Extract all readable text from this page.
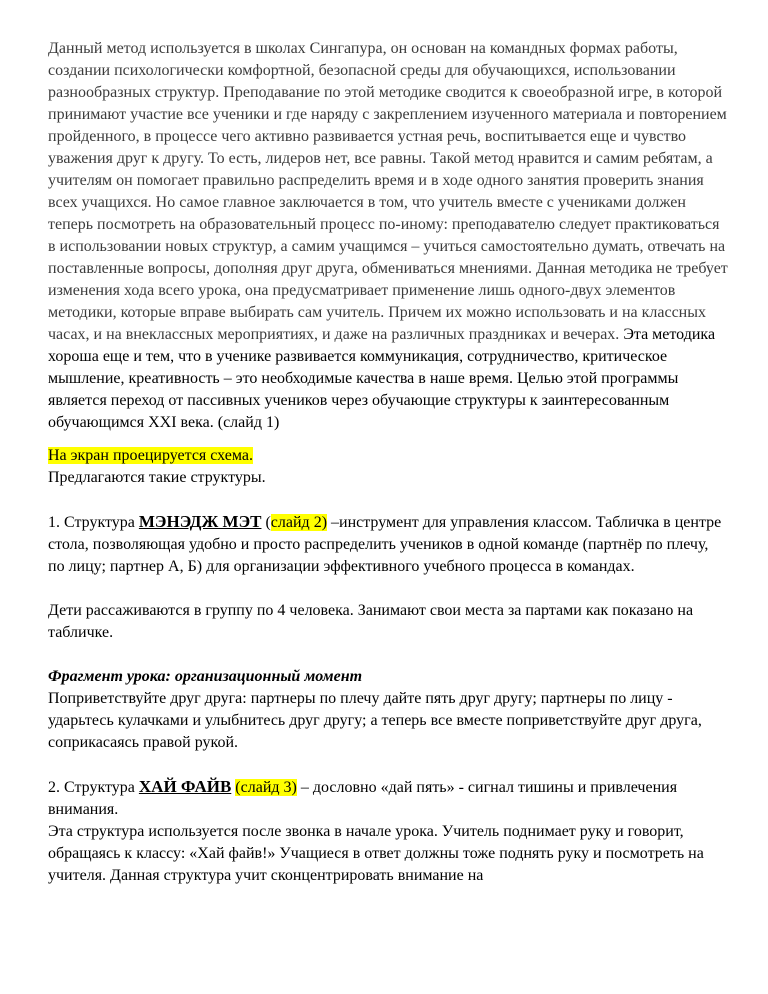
Данный метод используется в школах Сингапура, он основан на командных формах работы, создании психологически комфортной, безопасной среды для обучающихся, использовании разнообразных структур. Преподавание по этой методике сводится к своеобразной игре, в которой принимают участие все ученики и где наряду с закреплением изученного материала и повторением пройденного, в процессе чего активно развивается устная речь, воспитывается еще и чувство уважения друг к другу. То есть, лидеров нет, все равны. Такой метод нравится и самим ребятам, а учителям он помогает правильно распределить время и в ходе одного занятия проверить знания всех учащихся. Но самое главное заключается в том, что учитель вместе с учениками должен теперь посмотреть на образовательный процесс по-иному: преподавателю следует практиковаться в использовании новых структур, а самим учащимся – учиться самостоятельно думать, отвечать на поставленные вопросы, дополняя друг друга, обмениваться мнениями. Данная методика не требует изменения хода всего урока, она предусматривает применение лишь одного-двух элементов методики, которые вправе выбирать сам учитель. Причем их можно использовать и на классных часах, и на внеклассных мероприятиях, и даже на различных праздниках и вечерах. Эта методика хороша еще и тем, что в ученике развивается коммуникация, сотрудничество, критическое мышление, креативность – это необходимые качества в наше время. Целью этой программы является переход от пассивных учеников через обучающие структуры к заинтересованным обучающимся XXI века. (слайд 1)

На экран проецируется схема.
Предлагаются такие структуры.

1. Структура МЭНЭДЖ МЭТ (слайд 2) –инструмент для управления классом. Табличка в центре стола, позволяющая удобно и просто распределить учеников в одной команде (партнёр по плечу, по лицу; партнер А, Б) для организации эффективного учебного процесса в командах.

Дети рассаживаются в группу по 4 человека. Занимают свои места за партами как показано на табличке.

Фрагмент урока: организационный момент

Поприветствуйте друг друга: партнеры по плечу дайте пять друг другу; партнеры по лицу - ударьтесь кулачками и улыбнитесь друг другу; а теперь все вместе поприветствуйте друг друга, соприкасаясь правой рукой.

2. Структура ХАЙ ФАЙВ (слайд 3) – дословно «дай пять» - сигнал тишины и привлечения внимания.

Эта структура используется после звонка в начале урока. Учитель поднимает руку и говорит, обращаясь к классу: «Хай файв!» Учащиеся в ответ должны тоже поднять руку и посмотреть на учителя. Данная структура учит сконцентрировать внимание на
